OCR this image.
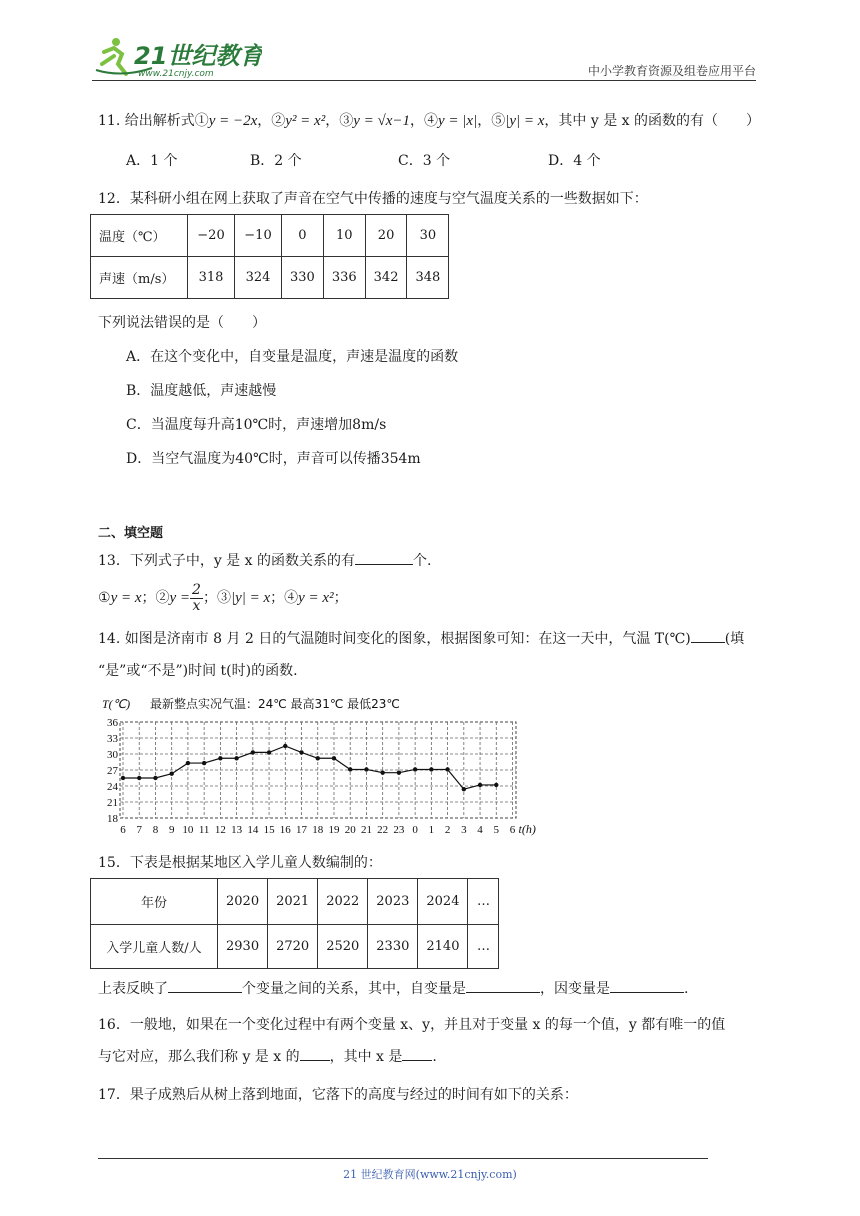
21世纪教育
www.21cnjy.com	中小学教育资源及组卷应用平台
11. 给出解析式①y = −2x，②y² = x²，③y = √x−1，④y = |x|，⑤|y| = x，其中 y 是 x 的函数的有（　　）
A．1 个	B．2 个	C．3 个	D．4 个
12．某科研小组在网上获取了声音在空气中传播的速度与空气温度关系的一些数据如下：
温度（℃）	−20	−10	0	10	20	30
声速（m/s）	318	324	330	336	342	348
下列说法错误的是（　　）
A．在这个变化中，自变量是温度，声速是温度的函数
B．温度越低，声速越慢
C．当温度每升高10℃时，声速增加8m/s
D．当空气温度为40℃时，声音可以传播354m
二、填空题
13．下列式子中，y 是 x 的函数关系的有	个.
①y = x；②y = $\frac{2}{x}$ ；③|y| = x；④y = x²；
14. 如图是济南市 8 月 2 日的气温随时间变化的图象，根据图象可知：在这一天中，气温 T(℃) (填
“是”或“不是”)时间 t(时)的函数.
T(℃) 最新整点实况气温：24℃ 最高31℃ 最低23℃
36
33
30
27
24
21
18
6 7 8 9 10 11 12 13 14 15 16 17 18 19 20 21 22 23 0 1 2 3 4 5 6 t(h)
15．下表是根据某地区入学儿童人数编制的：
年份	2020	2021	2022	2023	2024	…
入学儿童人数/人	2930	2720	2520	2330	2140	…
上表反映了	个变量之间的关系，其中，自变量是	，因变量是	.
16．一般地，如果在一个变化过程中有两个变量 x、y，并且对于变量 x 的每一个值，y 都有唯一的值
与它对应，那么我们称 y 是 x 的 ，其中 x 是 .
17．果子成熟后从树上落到地面，它落下的高度与经过的时间有如下的关系：
21 世纪教育网(www.21cnjy.com)
